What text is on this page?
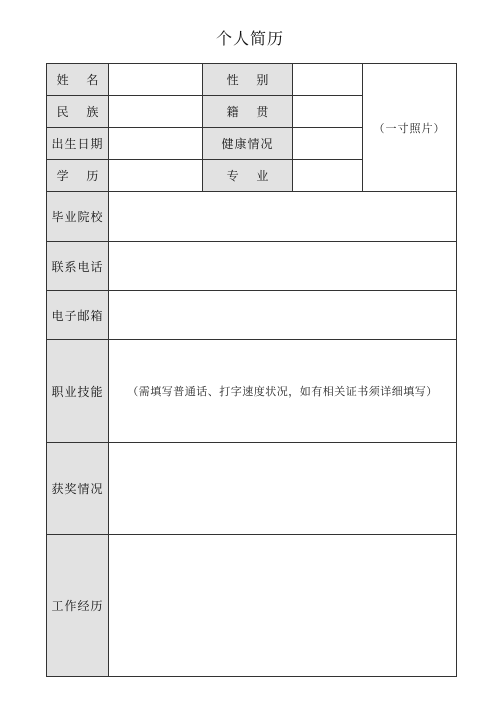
个人简历
姓 名		性 别		（一寸照片）
民 族		籍 贯		
出生日期		健康情况		
学 历		专 业		
毕业院校				
联系电话				
电子邮箱				
职业技能	（需填写普通话、打字速度状况，如有相关证书须详细填写）			
获奖情况				
工作经历				
